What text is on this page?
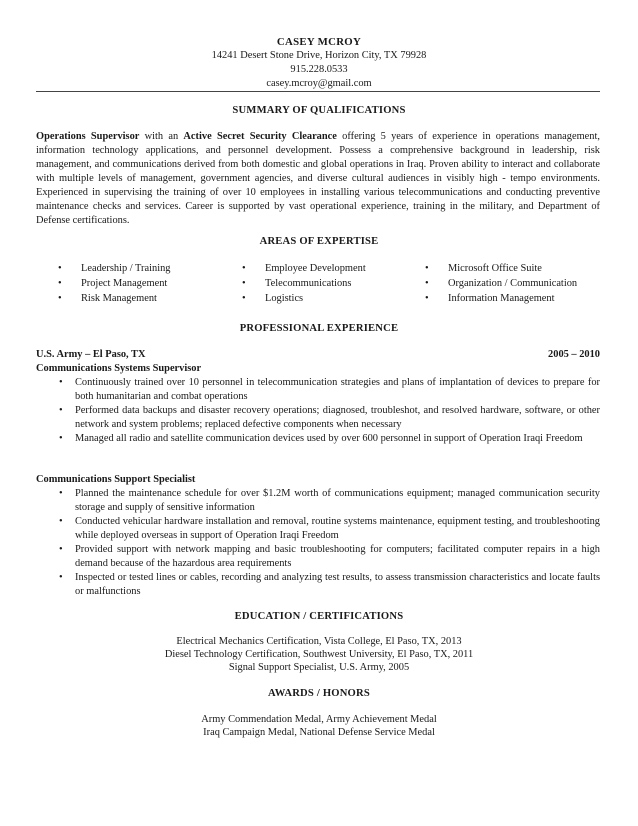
CASEY MCROY
14241 Desert Stone Drive, Horizon City, TX 79928
915.228.0533
casey.mcroy@gmail.com
SUMMARY OF QUALIFICATIONS
Operations Supervisor with an Active Secret Security Clearance offering 5 years of experience in operations management, information technology applications, and personnel development. Possess a comprehensive background in leadership, risk management, and communications derived from both domestic and global operations in Iraq. Proven ability to interact and collaborate with multiple levels of management, government agencies, and diverse cultural audiences in visibly high - tempo environments. Experienced in supervising the training of over 10 employees in installing various telecommunications and conducting preventive maintenance checks and services. Career is supported by vast operational experience, training in the military, and Department of Defense certifications.
AREAS OF EXPERTISE
• Leadership / Training
• Project Management
• Risk Management
• Employee Development
• Telecommunications
• Logistics
• Microsoft Office Suite
• Organization / Communication
• Information Management
PROFESSIONAL EXPERIENCE
U.S. Army – El Paso, TX	2005 – 2010
Communications Systems Supervisor
• Continuously trained over 10 personnel in telecommunication strategies and plans of implantation of devices to prepare for both humanitarian and combat operations
• Performed data backups and disaster recovery operations; diagnosed, troubleshot, and resolved hardware, software, or other network and system problems; replaced defective components when necessary
• Managed all radio and satellite communication devices used by over 600 personnel in support of Operation Iraqi Freedom
Communications Support Specialist
• Planned the maintenance schedule for over $1.2M worth of communications equipment; managed communication security storage and supply of sensitive information
• Conducted vehicular hardware installation and removal, routine systems maintenance, equipment testing, and troubleshooting while deployed overseas in support of Operation Iraqi Freedom
• Provided support with network mapping and basic troubleshooting for computers; facilitated computer repairs in a high demand because of the hazardous area requirements
• Inspected or tested lines or cables, recording and analyzing test results, to assess transmission characteristics and locate faults or malfunctions
EDUCATION / CERTIFICATIONS
Electrical Mechanics Certification, Vista College, El Paso, TX, 2013
Diesel Technology Certification, Southwest University, El Paso, TX, 2011
Signal Support Specialist, U.S. Army, 2005
AWARDS / HONORS
Army Commendation Medal, Army Achievement Medal
Iraq Campaign Medal, National Defense Service Medal
